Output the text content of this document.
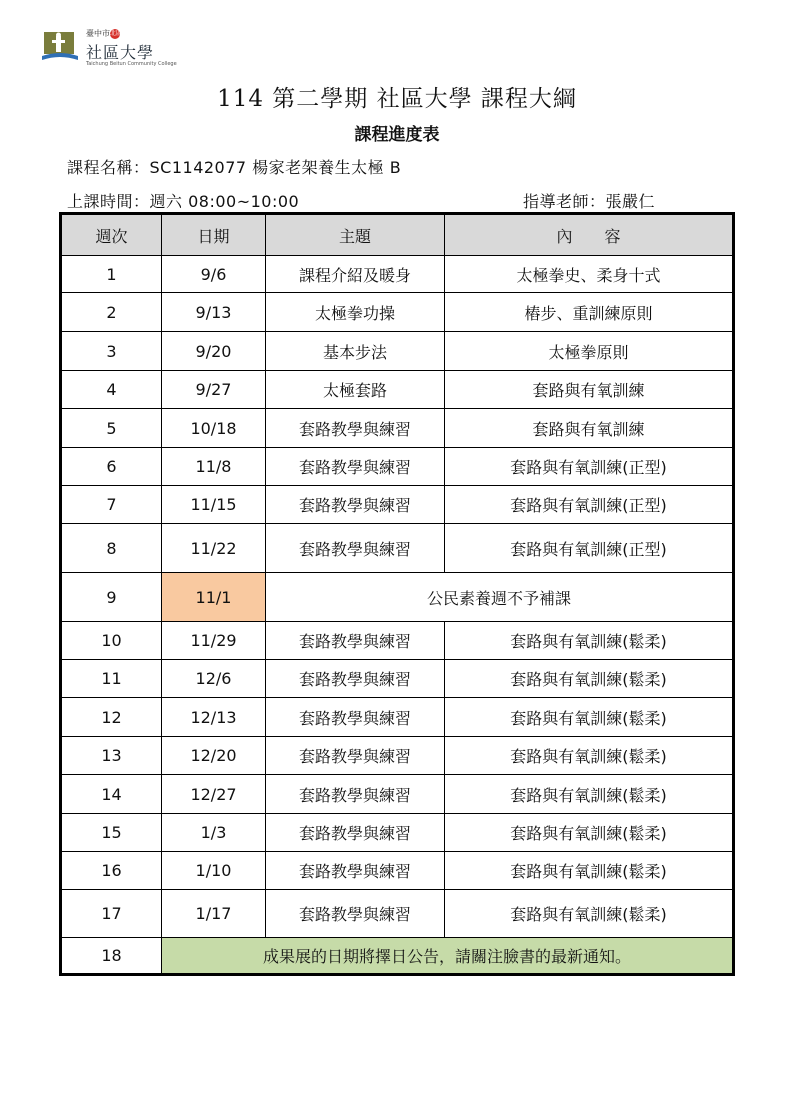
臺中市北區
社區大學
Taichung Beitun Community College
114 第二學期 社區大學 課程大綱
課程進度表
課程名稱：SC1142077 楊家老架養生太極 B
上課時間：週六 08:00~10:00	指導老師：張嚴仁
週次	日期	主題	內　　容
1	9/6	課程介紹及暖身	太極拳史、柔身十式
2	9/13	太極拳功操	樁步、重訓練原則
3	9/20	基本步法	太極拳原則
4	9/27	太極套路	套路與有氧訓練
5	10/18	套路教學與練習	套路與有氧訓練
6	11/8	套路教學與練習	套路與有氧訓練(正型)
7	11/15	套路教學與練習	套路與有氧訓練(正型)
8	11/22	套路教學與練習	套路與有氧訓練(正型)
9	11/1	公民素養週不予補課	
10	11/29	套路教學與練習	套路與有氧訓練(鬆柔)
11	12/6	套路教學與練習	套路與有氧訓練(鬆柔)
12	12/13	套路教學與練習	套路與有氧訓練(鬆柔)
13	12/20	套路教學與練習	套路與有氧訓練(鬆柔)
14	12/27	套路教學與練習	套路與有氧訓練(鬆柔)
15	1/3	套路教學與練習	套路與有氧訓練(鬆柔)
16	1/10	套路教學與練習	套路與有氧訓練(鬆柔)
17	1/17	套路教學與練習	套路與有氧訓練(鬆柔)
18	成果展的日期將擇日公告，請關注臉書的最新通知。		
